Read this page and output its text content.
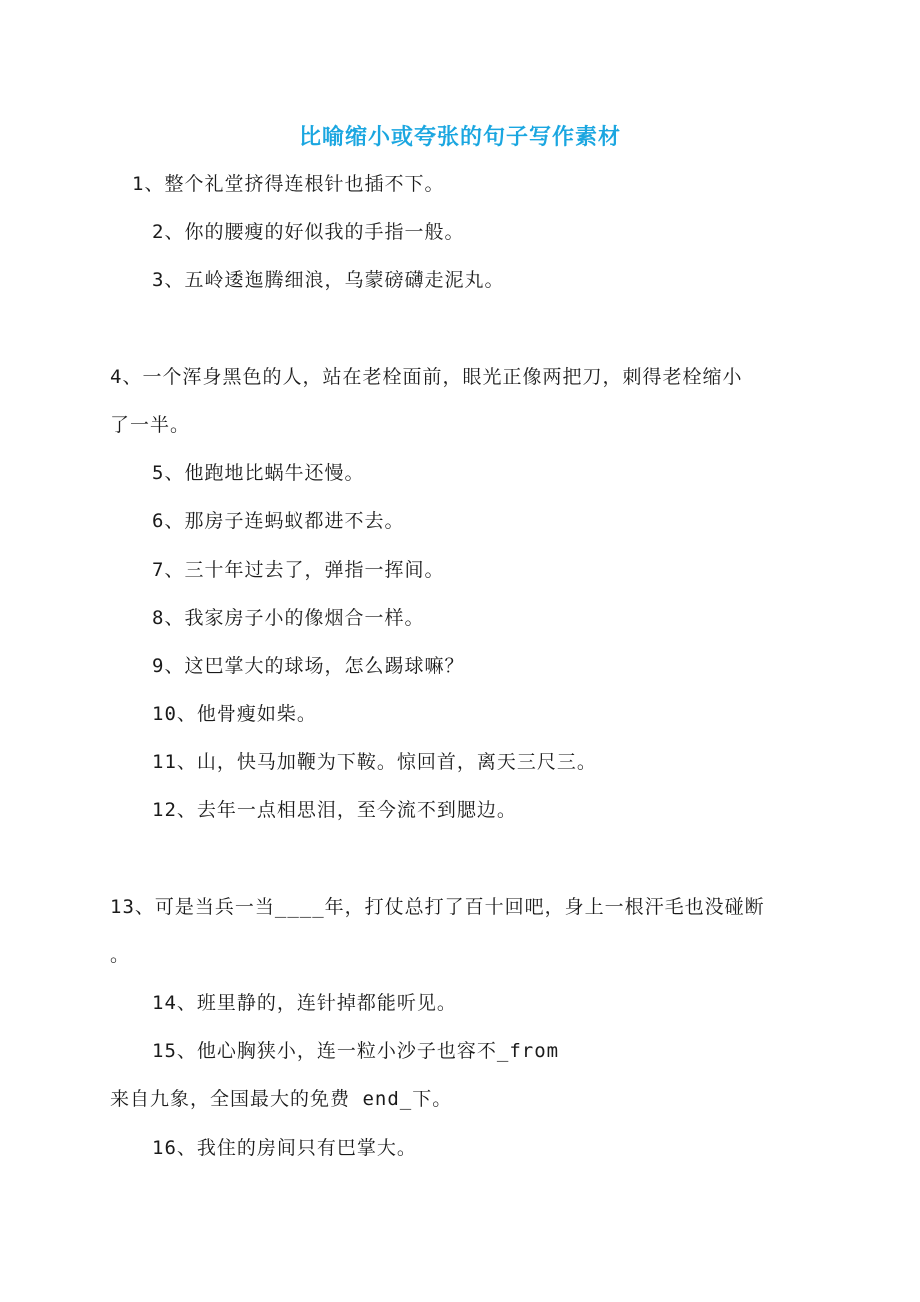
比喻缩小或夸张的句子写作素材
1、整个礼堂挤得连根针也插不下。
2、你的腰瘦的好似我的手指一般。
3、五岭逶迤腾细浪，乌蒙磅礴走泥丸。
4、一个浑身黑色的人，站在老栓面前，眼光正像两把刀，刺得老栓缩小
了一半。
5、他跑地比蜗牛还慢。
6、那房子连蚂蚁都进不去。
7、三十年过去了，弹指一挥间。
8、我家房子小的像烟合一样。
9、这巴掌大的球场，怎么踢球嘛？
10、他骨瘦如柴。
11、山，快马加鞭为下鞍。惊回首，离天三尺三。
12、去年一点相思泪，至今流不到腮边。
13、可是当兵一当____年，打仗总打了百十回吧，身上一根汗毛也没碰断
。
14、班里静的，连针掉都能听见。
15、他心胸狭小，连一粒小沙子也容不_from
来自九象，全国最大的免费 end_下。
16、我住的房间只有巴掌大。
